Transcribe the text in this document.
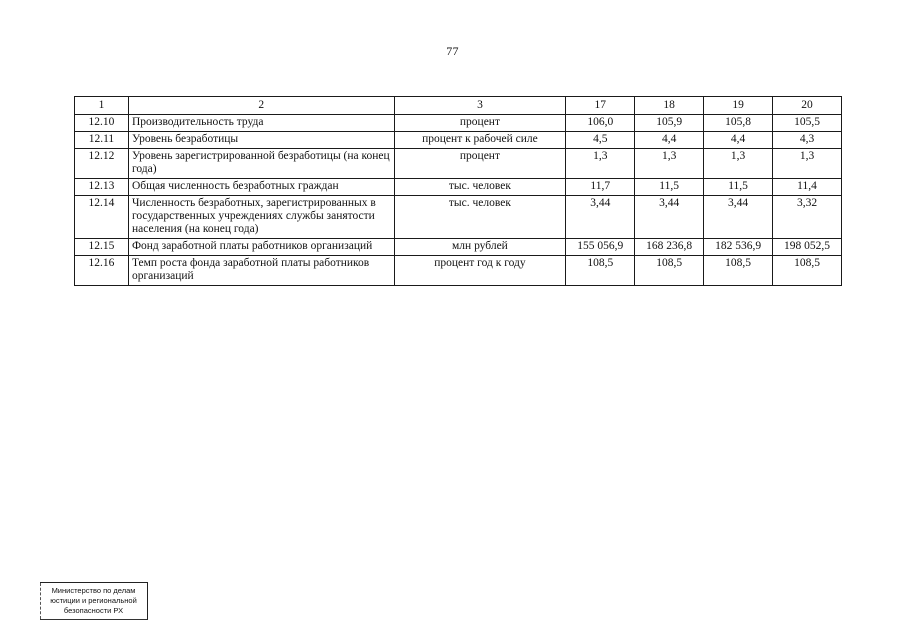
77
1	2	3	17	18	19	20
12.10	Производительность труда	процент	106,0	105,9	105,8	105,5
12.11	Уровень безработицы	процент к рабочей силе	4,5	4,4	4,4	4,3
12.12	Уровень зарегистрированной безработицы (на конец года)	процент	1,3	1,3	1,3	1,3
12.13	Общая численность безработных граждан	тыс. человек	11,7	11,5	11,5	11,4
12.14	Численность безработных, зарегистрированных в государственных учреждениях службы занятости населения (на конец года)	тыс. человек	3,44	3,44	3,44	3,32
12.15	Фонд заработной платы работников организаций	млн рублей	155 056,9	168 236,8	182 536,9	198 052,5
12.16	Темп роста фонда заработной платы работников организаций	процент год к году	108,5	108,5	108,5	108,5
Министерство по делам
юстиции и региональной
безопасности РХ
